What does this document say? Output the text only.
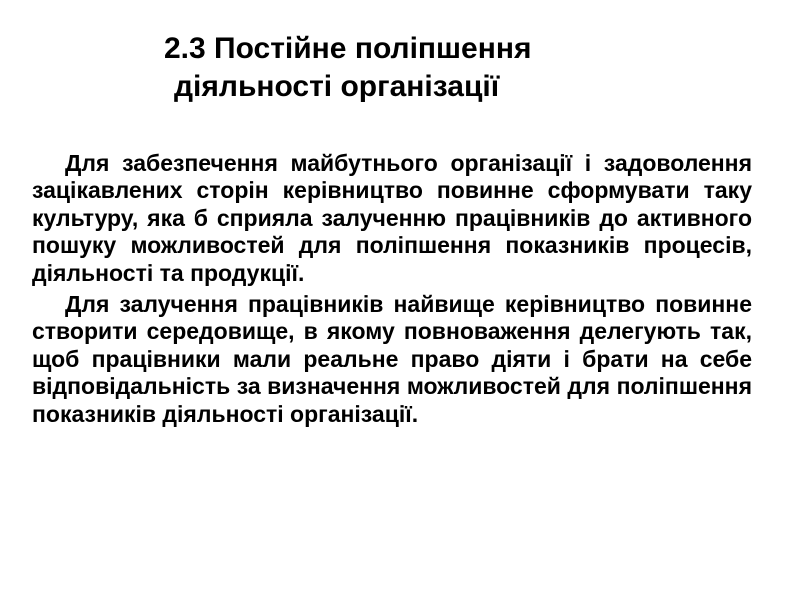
2.3 Постійне поліпшення
діяльності організації

Для забезпечення майбутнього організації і задоволення зацікавлених сторін керівництво повинне сформувати таку культуру, яка б сприяла залученню працівників до активного пошуку можливостей для поліпшення показників процесів, діяльності та продукції.

Для залучення працівників найвище керівництво повинне створити середовище, в якому повноваження делегують так, щоб працівники мали реальне право діяти і брати на себе відповідальність за визначення можливостей для поліпшення показників діяльності організації.
